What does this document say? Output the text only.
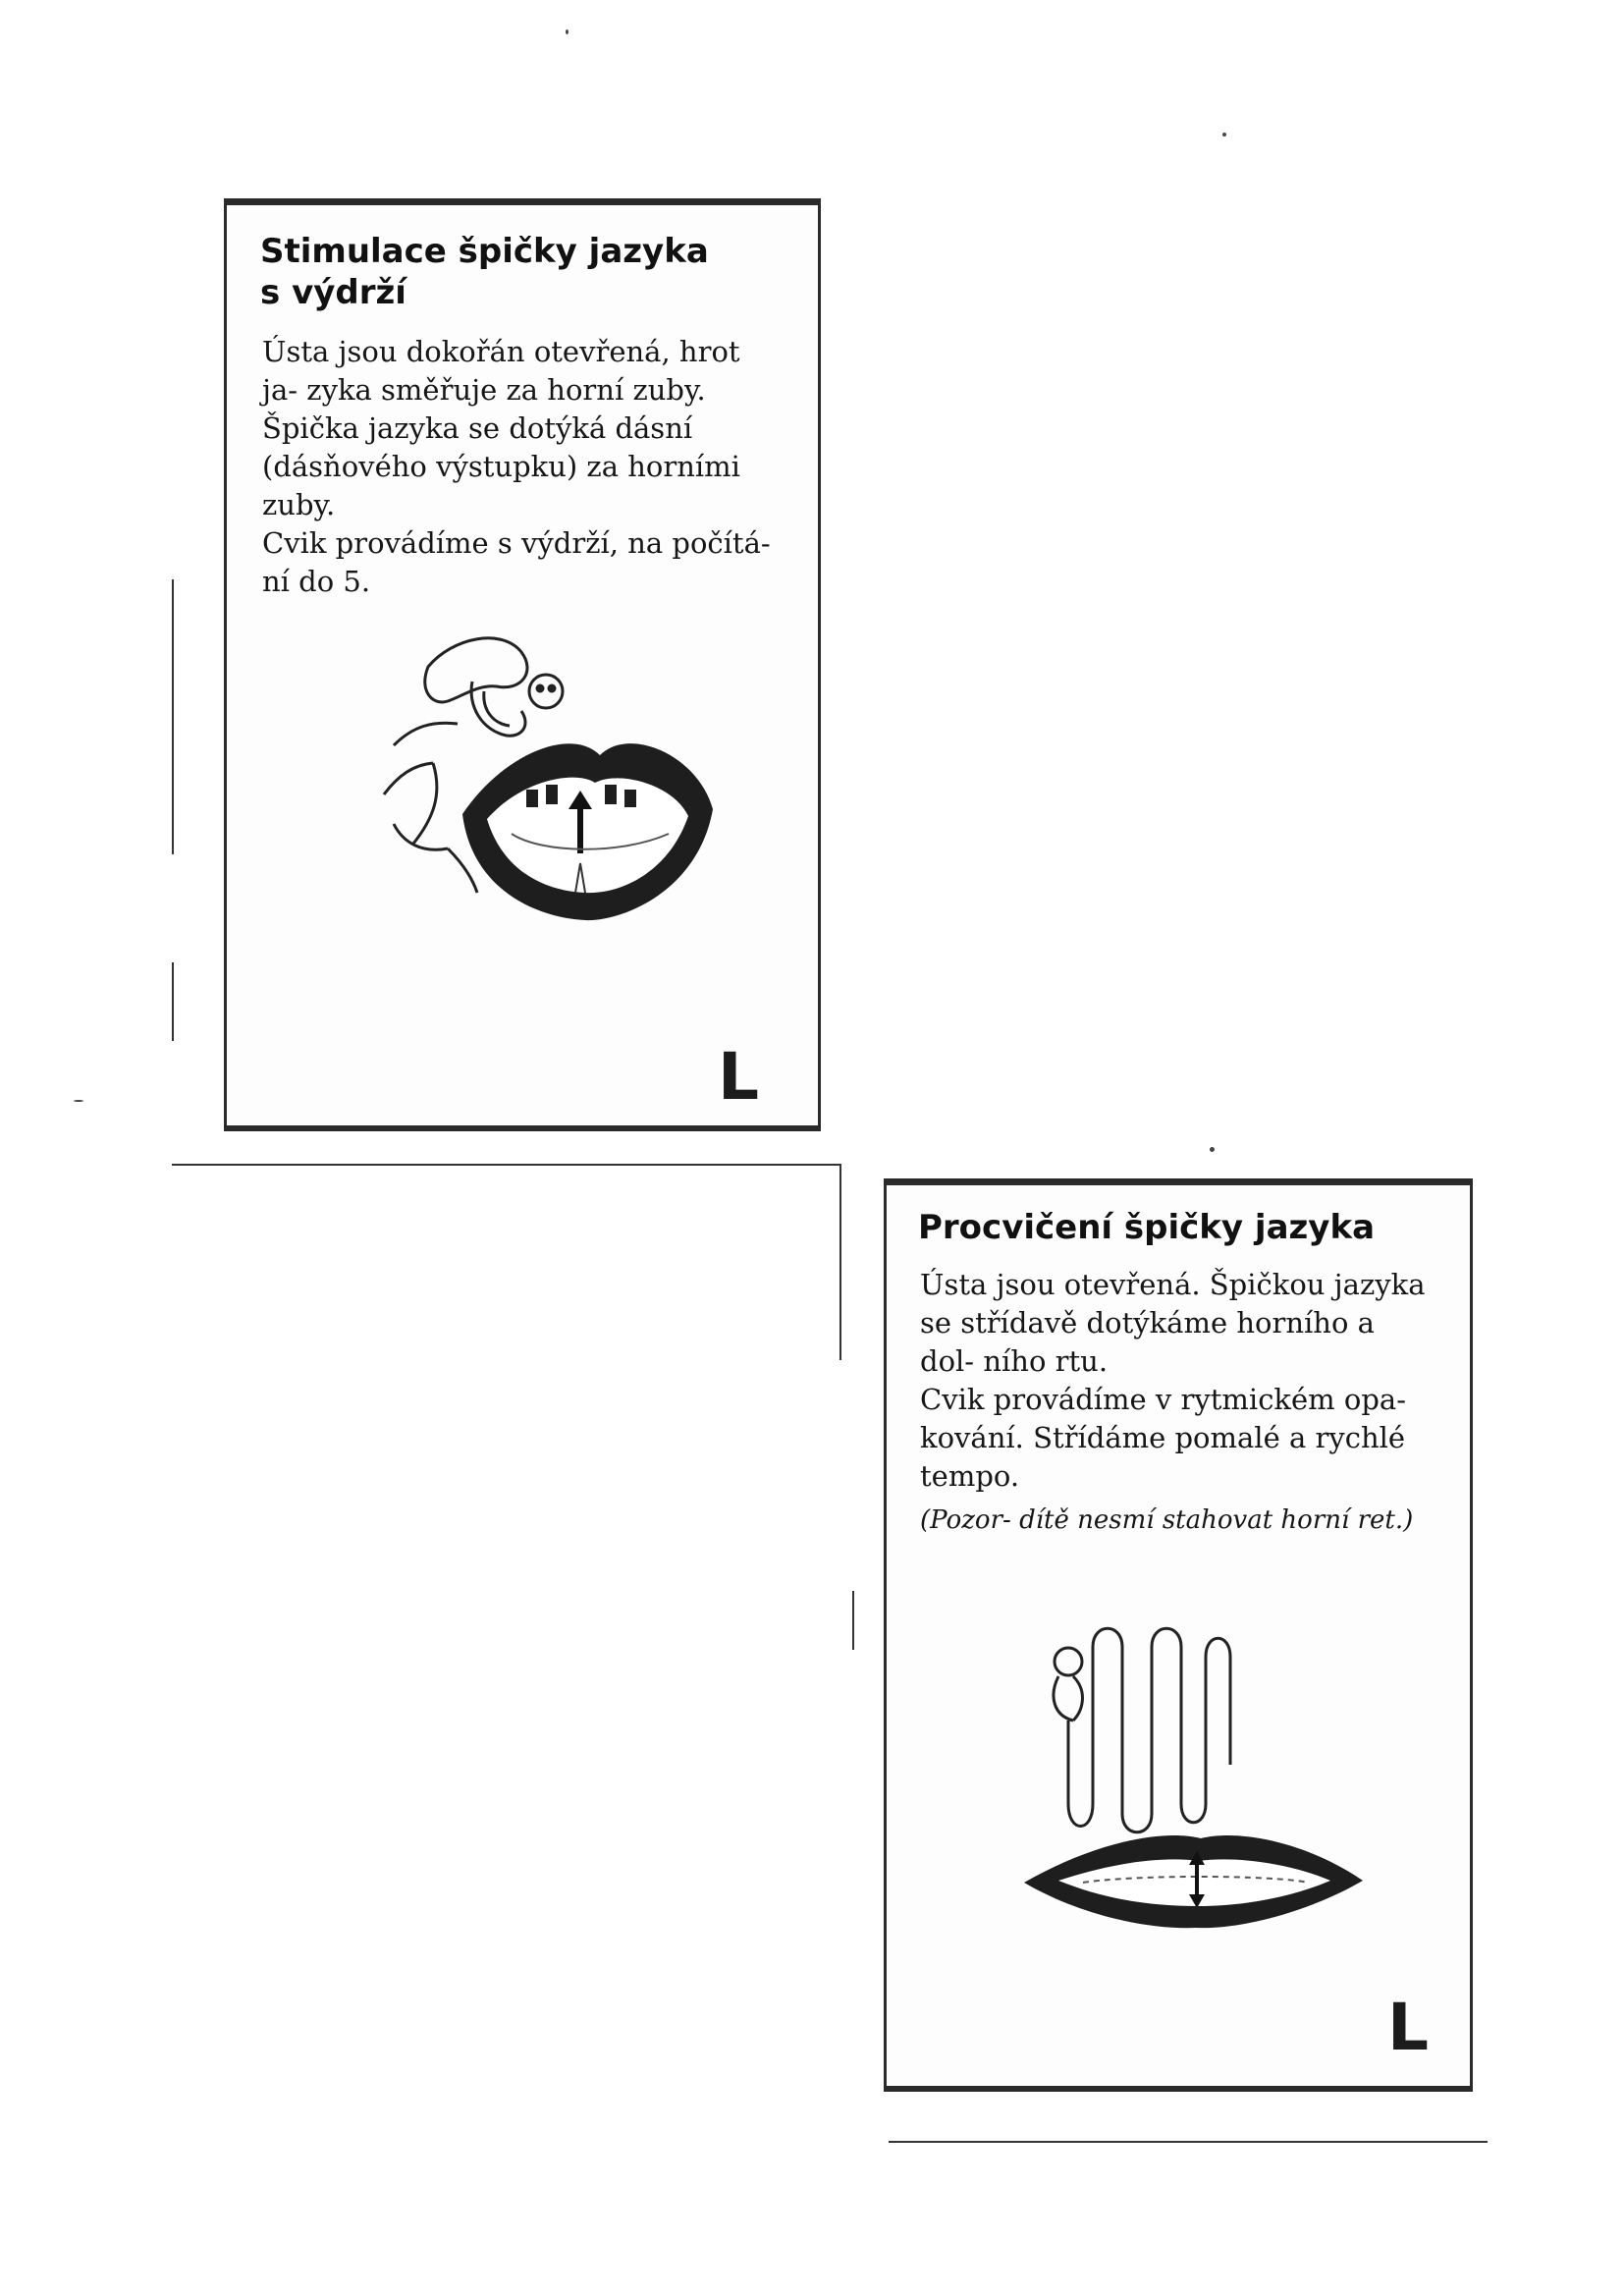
Stimulace špičky jazyka
s výdrží

Ústa jsou dokořán otevřená, hrot ja- zyka směřuje za horní zuby. Špička jazyka se dotýká dásní (dásňového výstupku) za horními zuby.

Cvik provádíme s výdrží, na počítá- ní do 5.

L
Procvičení špičky jazyka

Ústa jsou otevřená. Špičkou jazyka se střídavě dotýkáme horního a dol- ního rtu.

Cvik provádíme v rytmickém opa- kování. Střídáme pomalé a rychlé tempo.

(Pozor- dítě nesmí stahovat horní ret.)

L
